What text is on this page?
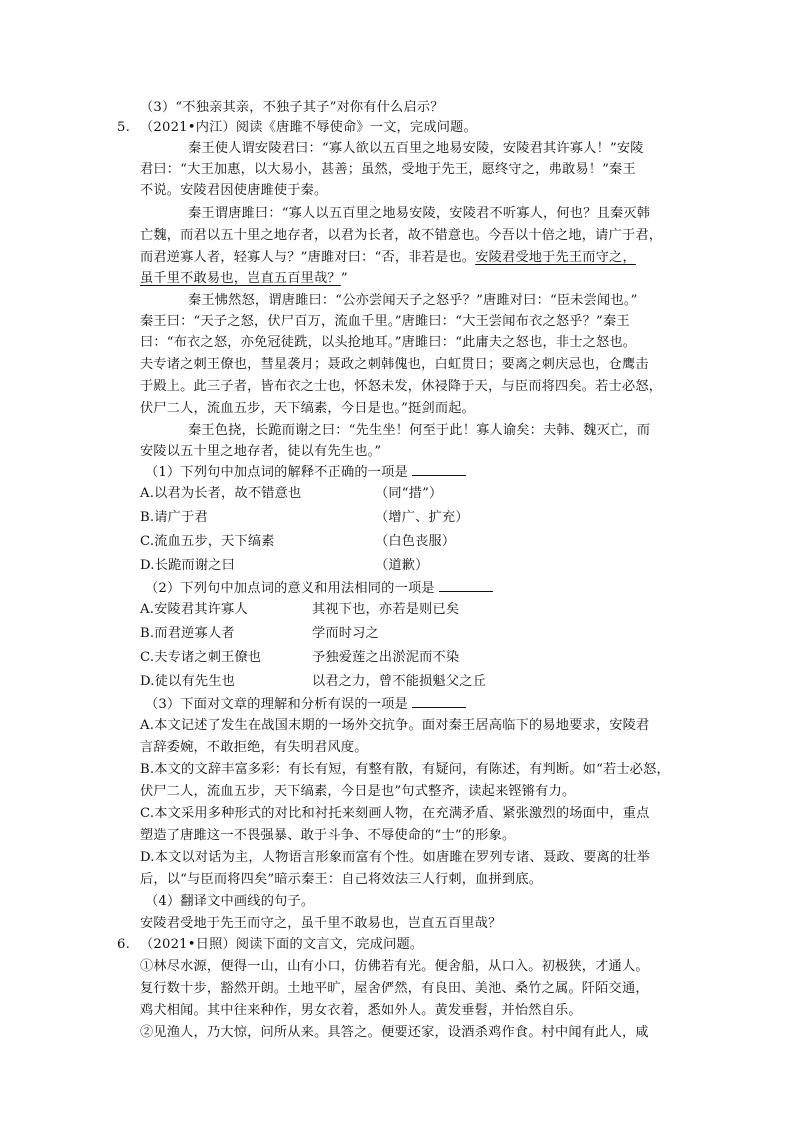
（3）“不独亲其亲，不独子其子”对你有什么启示？
5. （2021•内江）阅读《唐雎不辱使命》一文，完成问题。
秦王使人谓安陵君曰：“寡人欲以五百里之地易安陵，安陵君其许寡人！”安陵
君曰：“大王加惠，以大易小，甚善；虽然，受地于先王，愿终守之，弗敢易！”秦王
不说。安陵君因使唐雎使于秦。
秦王谓唐雎曰：“寡人以五百里之地易安陵，安陵君不听寡人，何也？且秦灭韩
亡魏，而君以五十里之地存者，以君为长者，故不错意也。今吾以十倍之地，请广于君，
而君逆寡人者，轻寡人与？”唐雎对曰：“否，非若是也。安陵君受地于先王而守之，
虽千里不敢易也，岂直五百里哉？”
秦王怫然怒，谓唐雎曰：“公亦尝闻天子之怒乎？”唐雎对曰：“臣未尝闻也。”
秦王曰：“天子之怒，伏尸百万，流血千里。”唐雎曰：“大王尝闻布衣之怒乎？”秦王
曰：“布衣之怒，亦免冠徒跣，以头抢地耳。”唐雎曰：“此庸夫之怒也，非士之怒也。
夫专诸之刺王僚也，彗星袭月；聂政之刺韩傀也，白虹贯日；要离之刺庆忌也，仓鹰击
于殿上。此三子者，皆布衣之士也，怀怒未发，休祲降于天，与臣而将四矣。若士必怒，
伏尸二人，流血五步，天下缟素，今日是也。”挺剑而起。
秦王色挠，长跪而谢之曰：“先生坐！何至于此！寡人谕矣：夫韩、魏灭亡，而
安陵以五十里之地存者，徒以有先生也。”
（1）下列句中加点词的解释不正确的一项是
A.以君为长者，故不错意也	（同“措”）
B.请广于君	（增广、扩充）
C.流血五步，天下缟素	（白色丧服）
D.长跪而谢之曰	（道歉）
（2）下列句中加点词的意义和用法相同的一项是
A.安陵君其许寡人	其视下也，亦若是则已矣
B.而君逆寡人者	学而时习之
C.夫专诸之刺王僚也	予独爱莲之出淤泥而不染
D.徒以有先生也	以君之力，曾不能损魁父之丘
（3）下面对文章的理解和分析有误的一项是
A.本文记述了发生在战国末期的一场外交抗争。面对秦王居高临下的易地要求，安陵君
言辞委婉，不敢拒绝，有失明君风度。
B.本文的文辞丰富多彩：有长有短，有整有散，有疑问，有陈述，有判断。如“若士必怒，
伏尸二人，流血五步，天下缟素，今日是也”句式整齐，读起来铿锵有力。
C.本文采用多种形式的对比和衬托来刻画人物，在充满矛盾、紧张激烈的场面中，重点
塑造了唐雎这一不畏强暴、敢于斗争、不辱使命的“士”的形象。
D.本文以对话为主，人物语言形象而富有个性。如唐雎在罗列专诸、聂政、要离的壮举
后，以“与臣而将四矣”暗示秦王：自己将效法三人行刺，血拼到底。
（4）翻译文中画线的句子。
安陵君受地于先王而守之，虽千里不敢易也，岂直五百里哉？
6. （2021•日照）阅读下面的文言文，完成问题。
①林尽水源，便得一山，山有小口，仿佛若有光。便舍船，从口入。初极狭，才通人。
复行数十步，豁然开朗。土地平旷，屋舍俨然，有良田、美池、桑竹之属。阡陌交通，
鸡犬相闻。其中往来种作，男女衣着，悉如外人。黄发垂髫，并怡然自乐。
②见渔人，乃大惊，问所从来。具答之。便要还家，设酒杀鸡作食。村中闻有此人，咸
